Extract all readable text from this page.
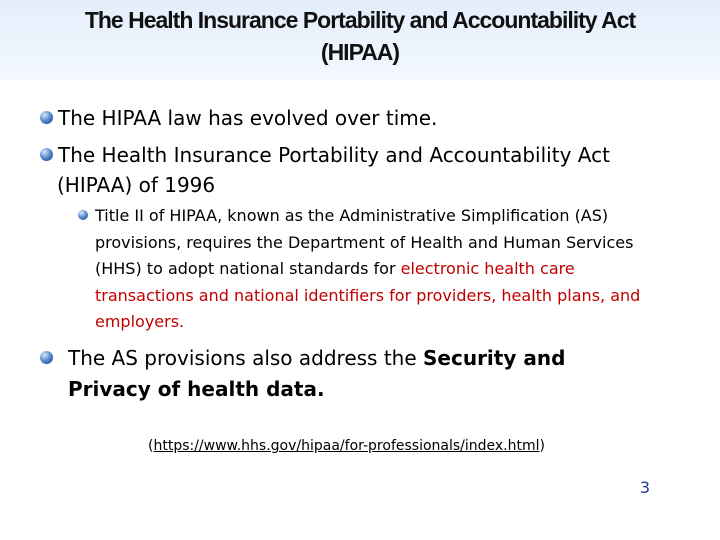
The Health Insurance Portability and Accountability Act
(HIPAA)
The HIPAA law has evolved over time.
The Health Insurance Portability and Accountability Act
(HIPAA) of 1996
Title II of HIPAA, known as the Administrative Simplification (AS) provisions, requires the Department of Health and Human Services (HHS) to adopt national standards for electronic health care transactions and national identifiers for providers, health plans, and employers.
The AS provisions also address the Security and Privacy of health data.
(https://www.hhs.gov/hipaa/for-professionals/index.html)
3
